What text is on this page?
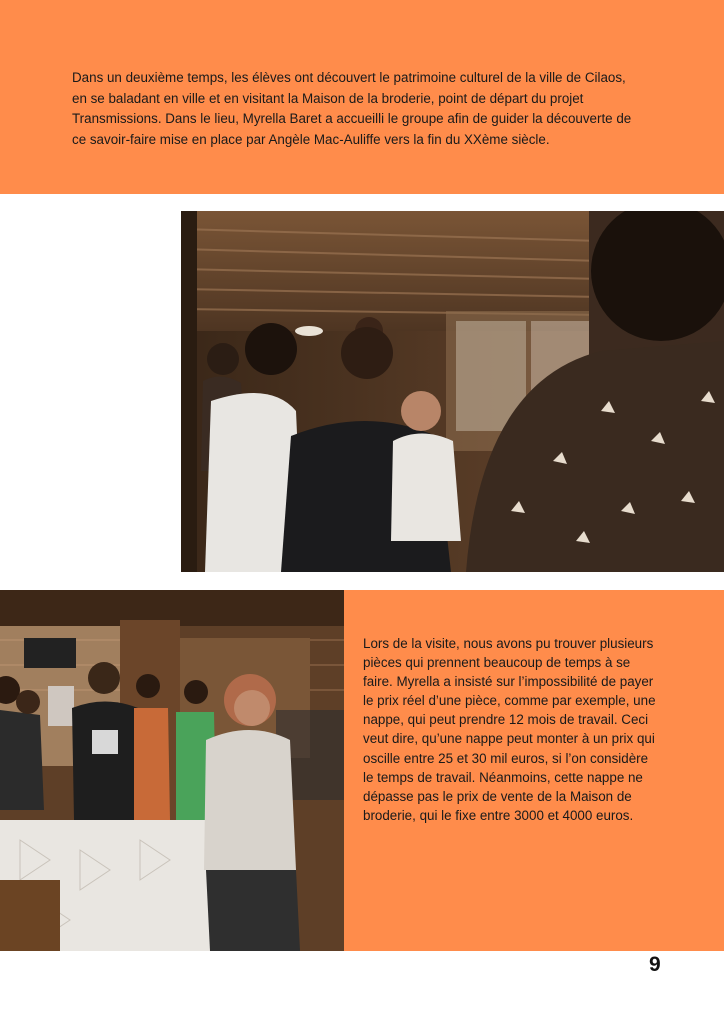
Dans un deuxième temps, les élèves ont découvert le patrimoine culturel de la ville de Cilaos, en se baladant en ville et en visitant la Maison de la broderie, point de départ du projet Transmissions. Dans le lieu, Myrella Baret a accueilli le groupe afin de guider la découverte de ce savoir-faire mise en place par Angèle Mac-Auliffe vers la fin du XXème siècle.

Lors de la visite, nous avons pu trouver plusieurs pièces qui prennent beaucoup de temps à se faire. Myrella a insisté sur l’impossibilité de payer le prix réel d’une pièce, comme par exemple, une nappe, qui peut prendre 12 mois de travail. Ceci veut dire, qu’une nappe peut monter à un prix qui oscille entre 25 et 30 mil euros, si l’on considère le temps de travail. Néanmoins, cette nappe ne dépasse pas le prix de vente de la Maison de broderie, qui le fixe entre 3000 et 4000 euros.

9
